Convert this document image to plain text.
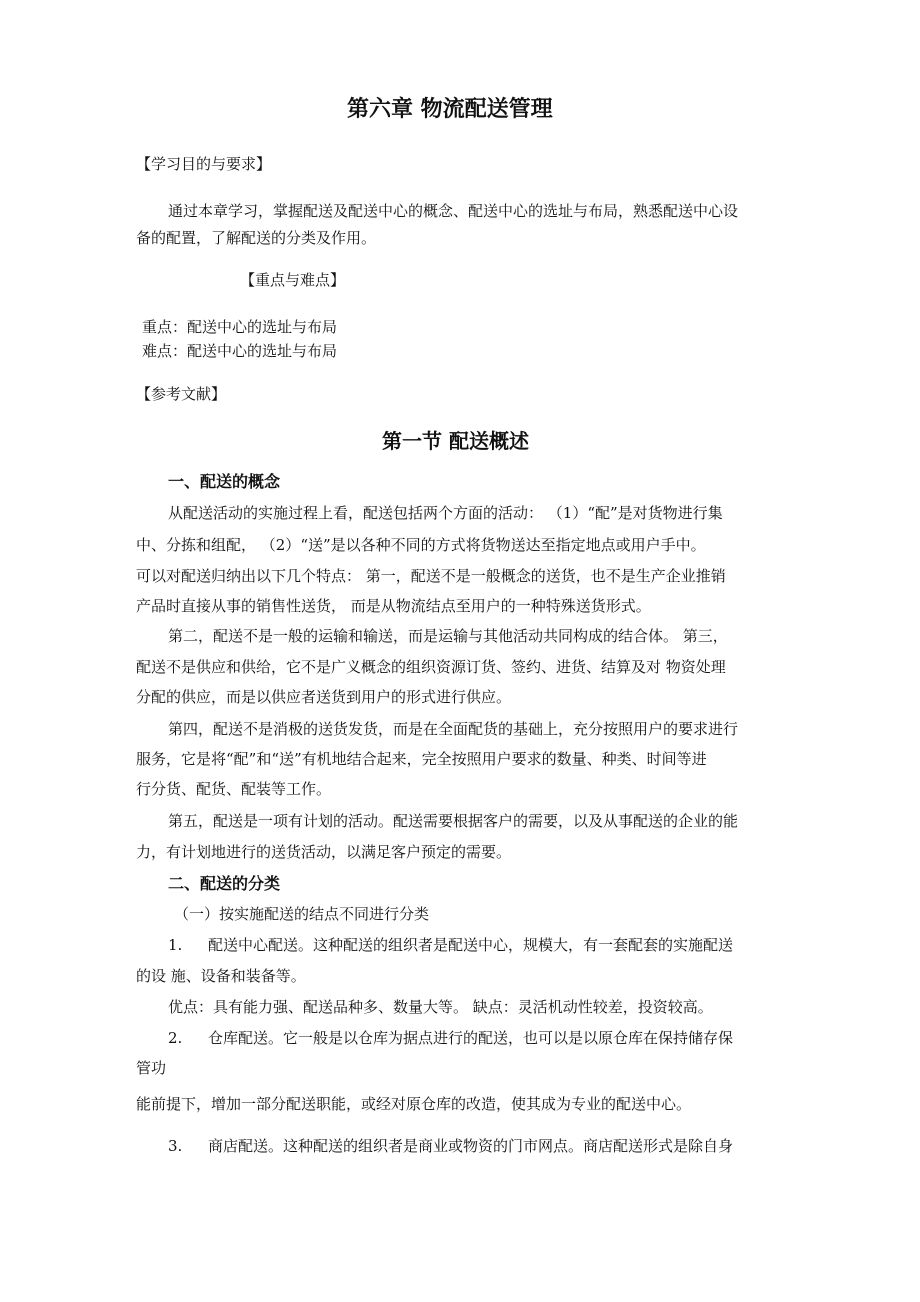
第六章 物流配送管理
【学习目的与要求】
通过本章学习，掌握配送及配送中心的概念、配送中心的选址与布局，熟悉配送中心设
备的配置，了解配送的分类及作用。
【重点与难点】
重点：配送中心的选址与布局
难点：配送中心的选址与布局
【参考文献】
第一节 配送概述
一、配送的概念
从配送活动的实施过程上看，配送包括两个方面的活动： （1）“配”是对货物进行集
中、分拣和组配， （2）“送”是以各种不同的方式将货物送达至指定地点或用户手中。
可以对配送归纳出以下几个特点： 第一，配送不是一般概念的送货，也不是生产企业推销
产品时直接从事的销售性送货， 而是从物流结点至用户的一种特殊送货形式。
第二，配送不是一般的运输和输送，而是运输与其他活动共同构成的结合体。 第三，
配送不是供应和供给，它不是广义概念的组织资源订货、签约、进货、结算及对 物资处理
分配的供应，而是以供应者送货到用户的形式进行供应。
第四，配送不是消极的送货发货，而是在全面配货的基础上，充分按照用户的要求进行
服务，它是将“配”和“送”有机地结合起来，完全按照用户要求的数量、种类、时间等进
行分货、配货、配装等工作。
第五，配送是一项有计划的活动。配送需要根据客户的需要，以及从事配送的企业的能
力，有计划地进行的送货活动，以满足客户预定的需要。
二、配送的分类
（一）按实施配送的结点不同进行分类
1. 配送中心配送。这种配送的组织者是配送中心，规模大，有一套配套的实施配送
的设 施、设备和装备等。
优点：具有能力强、配送品种多、数量大等。 缺点：灵活机动性较差，投资较高。
2. 仓库配送。它一般是以仓库为据点进行的配送，也可以是以原仓库在保持储存保
管功
能前提下，增加一部分配送职能，或经对原仓库的改造，使其成为专业的配送中心。
3. 商店配送。这种配送的组织者是商业或物资的门市网点。商店配送形式是除自身
